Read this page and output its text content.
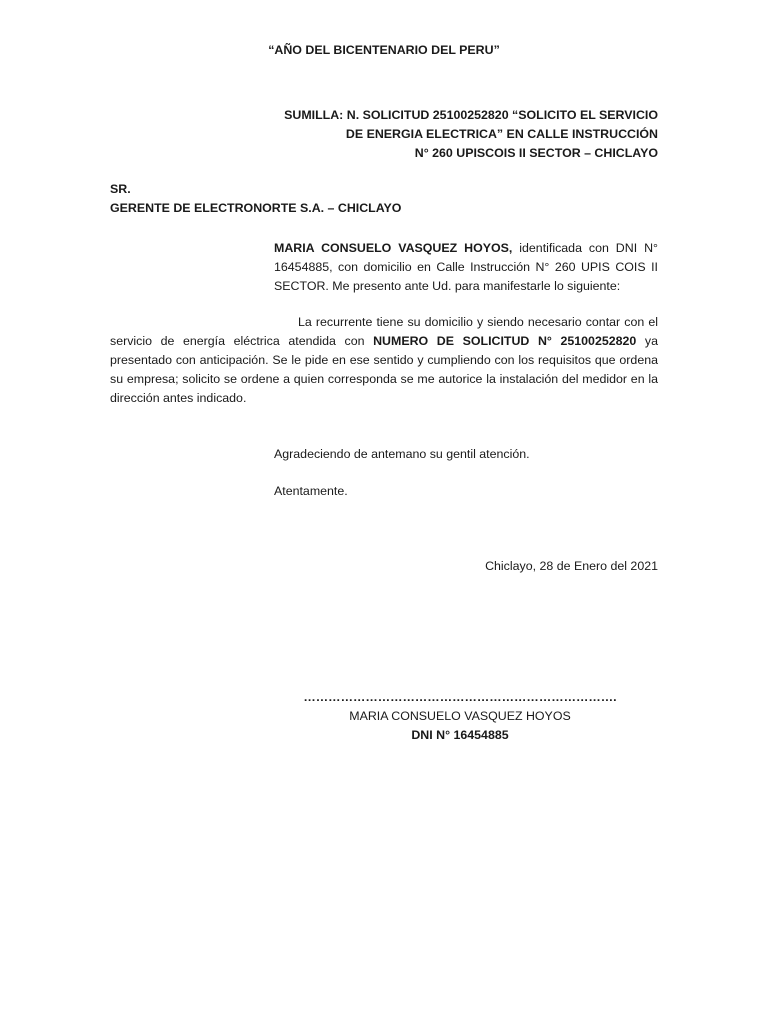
“AÑO DEL BICENTENARIO DEL PERU”
SUMILLA: N. SOLICITUD 25100252820 “SOLICITO EL SERVICIO
DE ENERGIA ELECTRICA” EN CALLE INSTRUCCIÓN
N° 260 UPISCOIS II SECTOR – CHICLAYO
SR.
GERENTE DE ELECTRONORTE S.A. – CHICLAYO
MARIA CONSUELO VASQUEZ HOYOS, identificada con DNI N° 16454885, con domicilio en Calle Instrucción N° 260 UPIS COIS II SECTOR. Me presento ante Ud. para manifestarle lo siguiente:
La recurrente tiene su domicilio y siendo necesario contar con el servicio de energía eléctrica atendida con NUMERO DE SOLICITUD N° 25100252820 ya presentado con anticipación. Se le pide en ese sentido y cumpliendo con los requisitos que ordena su empresa; solicito se ordene a quien corresponda se me autorice la instalación del medidor en la dirección antes indicado.
Agradeciendo de antemano su gentil atención.
Atentamente.
Chiclayo, 28 de Enero del 2021
………………………………………………………………….
MARIA CONSUELO VASQUEZ HOYOS
DNI N° 16454885
